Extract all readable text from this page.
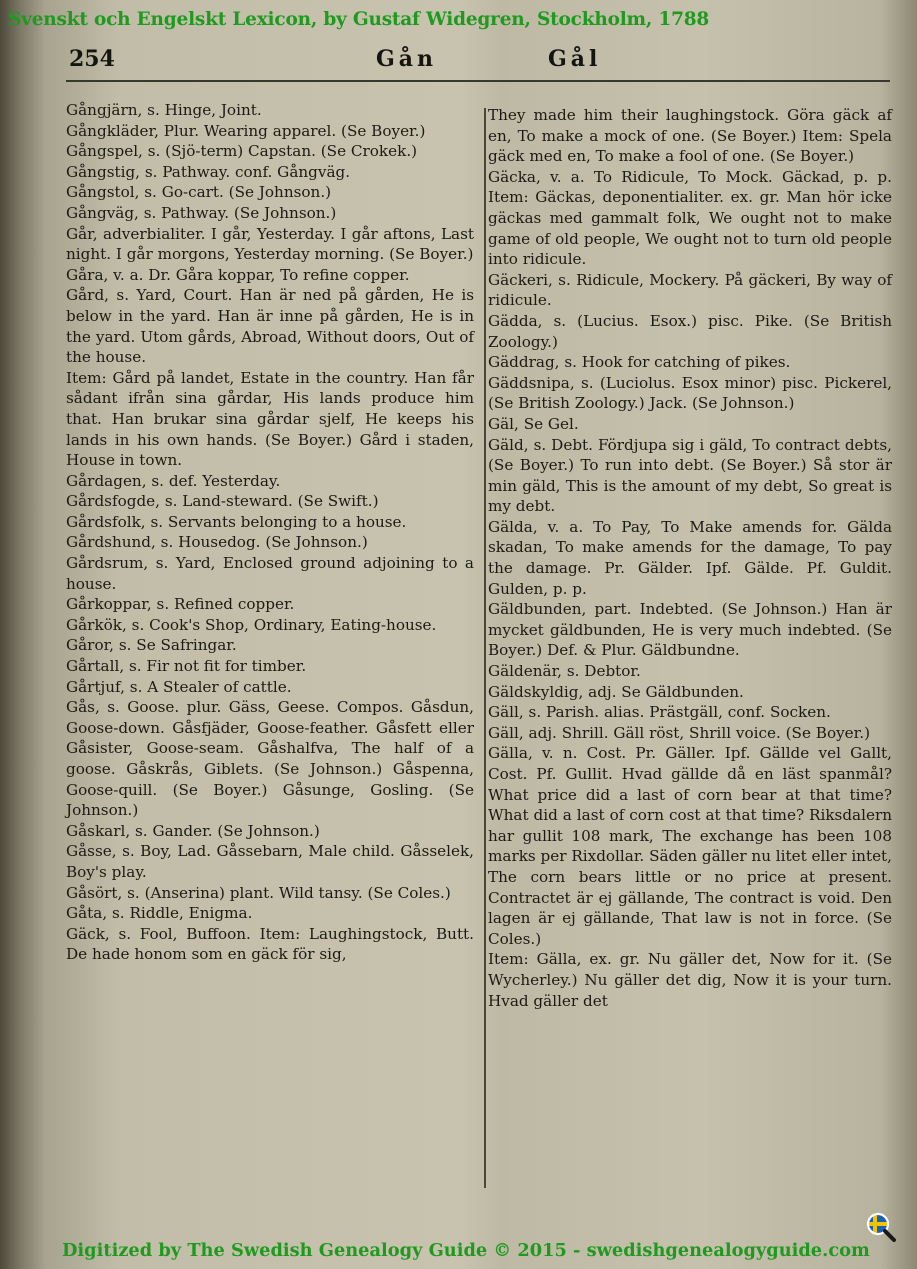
Svenskt och Engelskt Lexicon, by Gustaf Widegren, Stockholm, 1788
254	Gån	Gål
Gångjärn, s. Hinge, Joint.
Gångkläder, Plur. Wearing apparel. (Se Boyer.)
Gångspel, s. (Sjö-term) Capstan. (Se Crokek.)
Gångstig, s. Pathway. conf. Gångväg.
Gångstol, s. Go-cart. (Se Johnson.)
Gångväg, s. Pathway. (Se Johnson.)
Går, adverbialiter. I går, Yesterday. I går aftons, Last night. I går morgons, Yesterday morning. (Se Boyer.)
Gåra, v. a. Dr. Gåra koppar, To refine copper.
Gård, s. Yard, Court. Han är ned på gården, He is below in the yard. Han är inne på gården, He is in the yard. Utom gårds, Abroad, Without doors, Out of the house.
Item: Gård på landet, Estate in the country. Han får sådant ifrån sina gårdar, His lands produce him that. Han brukar sina gårdar sjelf, He keeps his lands in his own hands. (Se Boyer.) Gård i staden, House in town.
Gårdagen, s. def. Yesterday.
Gårdsfogde, s. Land-steward. (Se Swift.)
Gårdsfolk, s. Servants belonging to a house.
Gårdshund, s. Housedog. (Se Johnson.)
Gårdsrum, s. Yard, Enclosed ground adjoining to a house.
Gårkoppar, s. Refined copper.
Gårkök, s. Cook's Shop, Ordinary, Eating-house.
Gåror, s. Se Safringar.
Gårtall, s. Fir not fit for timber.
Gårtjuf, s. A Stealer of cattle.
Gås, s. Goose. plur. Gäss, Geese. Compos. Gåsdun, Goose-down. Gåsfjäder, Goose-feather. Gåsfett eller Gåsister, Goose-seam. Gåshalfva, The half of a goose. Gåskrås, Giblets. (Se Johnson.) Gåspenna, Goose-quill. (Se Boyer.) Gåsunge, Gosling. (Se Johnson.)
Gåskarl, s. Gander. (Se Johnson.)
Gåsse, s. Boy, Lad. Gåssebarn, Male child. Gåsselek, Boy's play.
Gåsört, s. (Anserina) plant. Wild tansy. (Se Coles.)
Gåta, s. Riddle, Enigma.
Gäck, s. Fool, Buffoon. Item: Laughingstock, Butt. De hade honom som en gäck för sig,
They made him their laughingstock. Göra gäck af en, To make a mock of one. (Se Boyer.) Item: Spela gäck med en, To make a fool of one. (Se Boyer.)
Gäcka, v. a. To Ridicule, To Mock. Gäckad, p. p. Item: Gäckas, deponentialiter. ex. gr. Man hör icke gäckas med gammalt folk, We ought not to make game of old people, We ought not to turn old people into ridicule.
Gäckeri, s. Ridicule, Mockery. På gäckeri, By way of ridicule.
Gädda, s. (Lucius. Esox.) pisc. Pike. (Se British Zoology.)
Gäddrag, s. Hook for catching of pikes.
Gäddsnipa, s. (Luciolus. Esox minor) pisc. Pickerel, (Se British Zoology.) Jack. (Se Johnson.)
Gäl, Se Gel.
Gäld, s. Debt. Fördjupa sig i gäld, To contract debts, (Se Boyer.) To run into debt. (Se Boyer.) Så stor är min gäld, This is the amount of my debt, So great is my debt.
Gälda, v. a. To Pay, To Make amends for. Gälda skadan, To make amends for the damage, To pay the damage. Pr. Gälder. Ipf. Gälde. Pf. Guldit. Gulden, p. p.
Gäldbunden, part. Indebted. (Se Johnson.) Han är mycket gäldbunden, He is very much indebted. (Se Boyer.) Def. & Plur. Gäldbundne.
Gäldenär, s. Debtor.
Gäldskyldig, adj. Se Gäldbunden.
Gäll, s. Parish. alias. Prästgäll, conf. Socken.
Gäll, adj. Shrill. Gäll röst, Shrill voice. (Se Boyer.)
Gälla, v. n. Cost. Pr. Gäller. Ipf. Gällde vel Gallt, Cost. Pf. Gullit. Hvad gällde då en läst spanmål? What price did a last of corn bear at that time? What did a last of corn cost at that time? Riksdalern har gullit 108 mark, The exchange has been 108 marks per Rixdollar. Säden gäller nu litet eller intet, The corn bears little or no price at present. Contractet är ej gällande, The contract is void. Den lagen är ej gällande, That law is not in force. (Se Coles.)
Item: Gälla, ex. gr. Nu gäller det, Now for it. (Se Wycherley.) Nu gäller det dig, Now it is your turn. Hvad gäller det
Digitized by The Swedish Genealogy Guide © 2015 - swedishgenealogyguide.com
